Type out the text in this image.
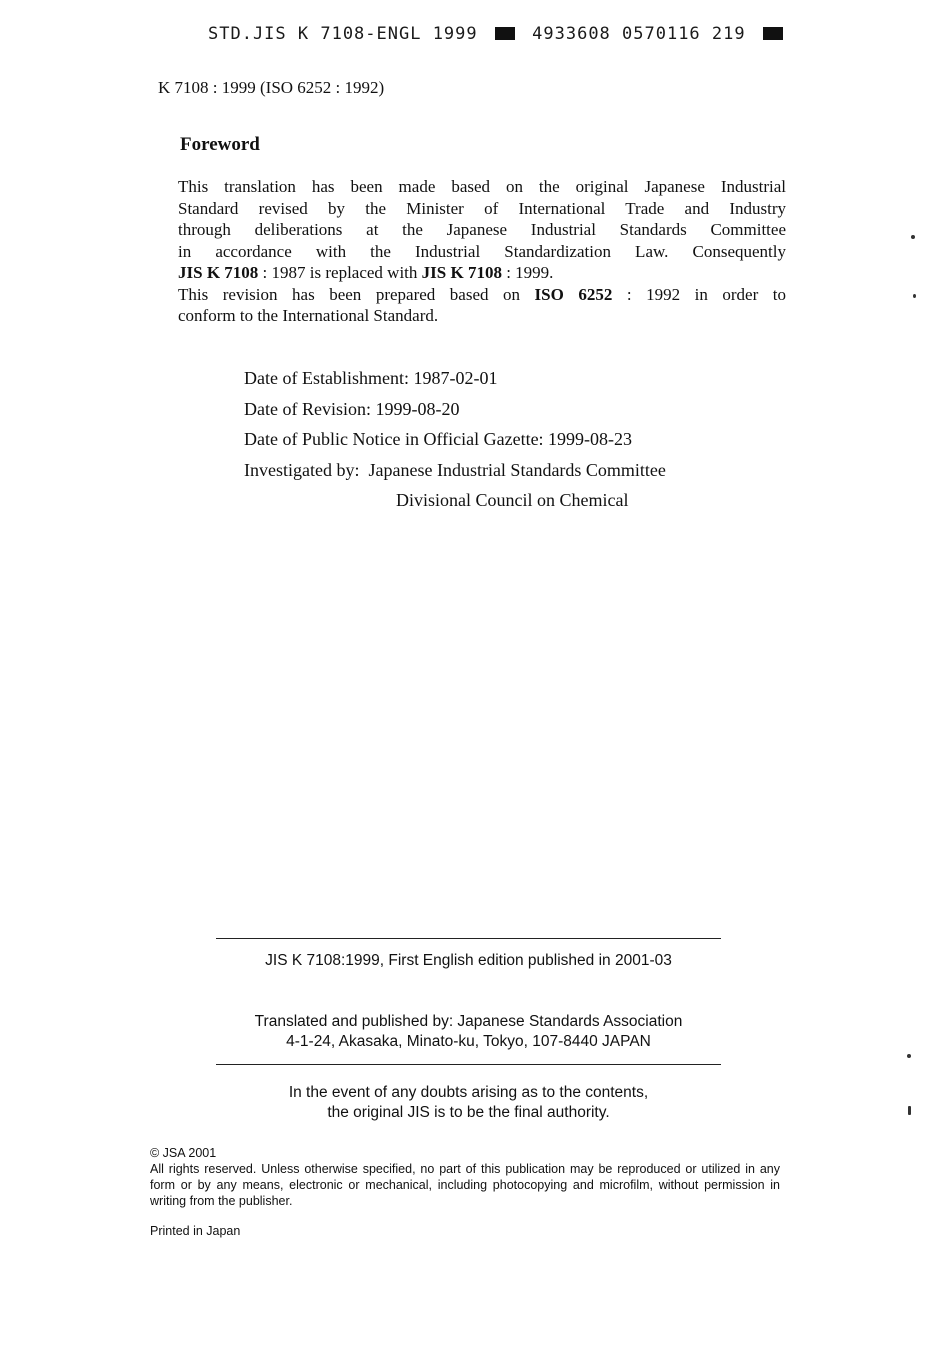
STD.JIS K 7108-ENGL 1999	4933608 0570116 219
K 7108 : 1999 (ISO 6252 : 1992)
Foreword
This translation has been made based on the original Japanese Industrial
Standard revised by the Minister of International Trade and Industry
through deliberations at the Japanese Industrial Standards Committee
in accordance with the Industrial Standardization Law. Consequently
JIS K 7108 : 1987 is replaced with JIS K 7108 : 1999.
This revision has been prepared based on ISO 6252 : 1992 in order to
conform to the International Standard.
Date of Establishment: 1987-02-01
Date of Revision: 1999-08-20
Date of Public Notice in Official Gazette: 1999-08-23
Investigated by: Japanese Industrial Standards Committee
Divisional Council on Chemical
JIS K 7108:1999, First English edition published in 2001-03
Translated and published by: Japanese Standards Association
4-1-24, Akasaka, Minato-ku, Tokyo, 107-8440 JAPAN
In the event of any doubts arising as to the contents,
the original JIS is to be the final authority.
© JSA 2001
All rights reserved. Unless otherwise specified, no part of this publication may be reproduced or utilized in any form or by any means, electronic or mechanical, including photocopying and microfilm, without permission in writing from the publisher.
Printed in Japan
